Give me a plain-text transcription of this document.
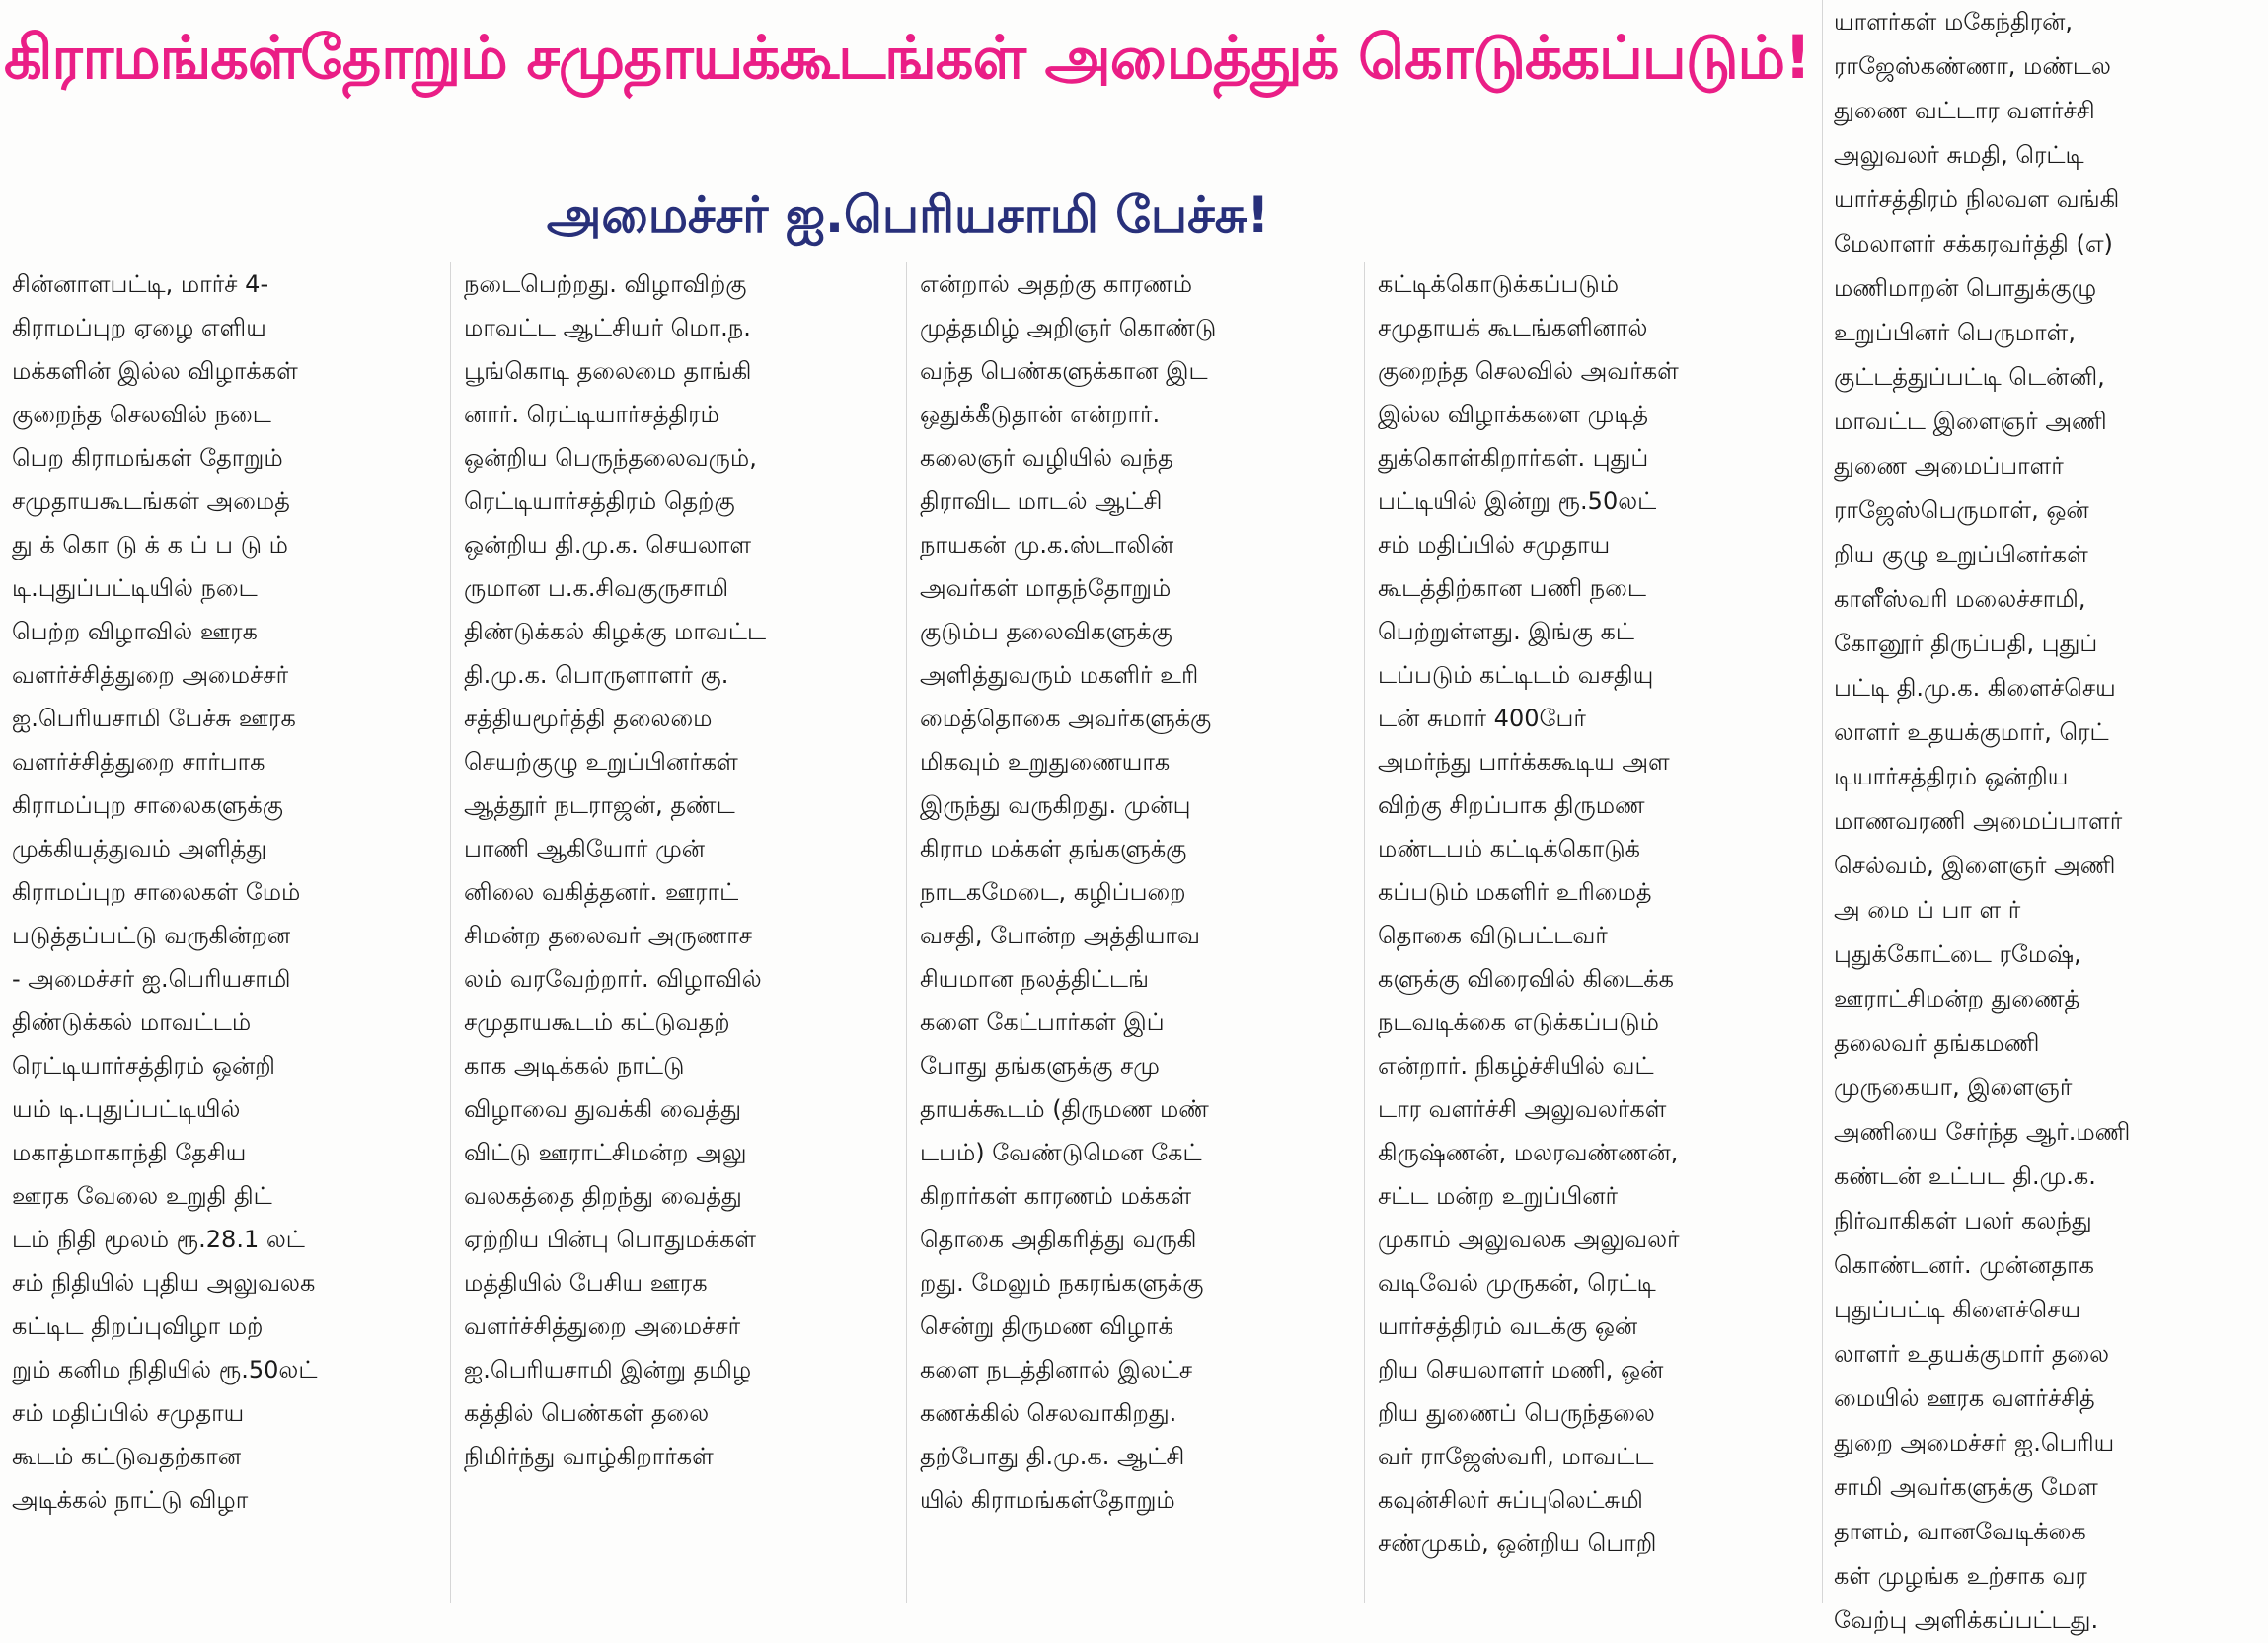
கிராமங்கள்தோறும் சமுதாயக்கூடங்கள் அமைத்துக் கொடுக்கப்படும்!
அமைச்சர் ஐ.பெரியசாமி பேச்சு!
சின்னாளபட்டி, மார்ச் 4-
கிராமப்புற ஏழை எளிய
மக்களின் இல்ல விழாக்கள்
குறைந்த செலவில் நடை
பெற கிராமங்கள் தோறும்
சமுதாயகூடங்கள் அமைத்
து க் கொ டு க் க ப் ப டு ம்
டி.புதுப்பட்டியில் நடை
பெற்ற விழாவில் ஊரக
வளர்ச்சித்துறை அமைச்சர்
ஐ.பெரியசாமி பேச்சு ஊரக
வளர்ச்சித்துறை சார்பாக
கிராமப்புற சாலைகளுக்கு
முக்கியத்துவம் அளித்து
கிராமப்புற சாலைகள் மேம்
படுத்தப்பட்டு வருகின்றன
- அமைச்சர் ஐ.பெரியசாமி
திண்டுக்கல் மாவட்டம்
ரெட்டியார்சத்திரம் ஒன்றி
யம் டி.புதுப்பட்டியில்
மகாத்மாகாந்தி தேசிய
ஊரக வேலை உறுதி திட்
டம் நிதி மூலம் ரூ.28.1 லட்
சம் நிதியில் புதிய அலுவலக
கட்டிட திறப்புவிழா மற்
றும் கனிம நிதியில் ரூ.50லட்
சம் மதிப்பில் சமுதாய
கூடம் கட்டுவதற்கான
அடிக்கல் நாட்டு விழா
நடைபெற்றது. விழாவிற்கு
மாவட்ட ஆட்சியர் மொ.ந.
பூங்கொடி தலைமை தாங்கி
னார். ரெட்டியார்சத்திரம்
ஒன்றிய பெருந்தலைவரும்,
ரெட்டியார்சத்திரம் தெற்கு
ஒன்றிய தி.மு.க. செயலாள
ருமான ப.க.சிவகுருசாமி
திண்டுக்கல் கிழக்கு மாவட்ட
தி.மு.க. பொருளாளர் கு.
சத்தியமூர்த்தி தலைமை
செயற்குழு உறுப்பினர்கள்
ஆத்தூர் நடராஜன், தண்ட
பாணி ஆகியோர் முன்
னிலை வகித்தனர். ஊராட்
சிமன்ற தலைவர் அருணாச
லம் வரவேற்றார். விழாவில்
சமுதாயகூடம் கட்டுவதற்
காக அடிக்கல் நாட்டு
விழாவை துவக்கி வைத்து
விட்டு ஊராட்சிமன்ற அலு
வலகத்தை திறந்து வைத்து
ஏற்றிய பின்பு பொதுமக்கள்
மத்தியில் பேசிய ஊரக
வளர்ச்சித்துறை அமைச்சர்
ஐ.பெரியசாமி இன்று தமிழ
கத்தில் பெண்கள் தலை
நிமிர்ந்து வாழ்கிறார்கள்
என்றால் அதற்கு காரணம்
முத்தமிழ் அறிஞர் கொண்டு
வந்த பெண்களுக்கான இட
ஒதுக்கீடுதான் என்றார்.
கலைஞர் வழியில் வந்த
திராவிட மாடல் ஆட்சி
நாயகன் மு.க.ஸ்டாலின்
அவர்கள் மாதந்தோறும்
குடும்ப தலைவிகளுக்கு
அளித்துவரும் மகளிர் உரி
மைத்தொகை அவர்களுக்கு
மிகவும் உறுதுணையாக
இருந்து வருகிறது. முன்பு
கிராம மக்கள் தங்களுக்கு
நாடகமேடை, கழிப்பறை
வசதி, போன்ற அத்தியாவ
சியமான நலத்திட்டங்
களை கேட்பார்கள் இப்
போது தங்களுக்கு சமு
தாயக்கூடம் (திருமண மண்
டபம்) வேண்டுமென கேட்
கிறார்கள் காரணம் மக்கள்
தொகை அதிகரித்து வருகி
றது. மேலும் நகரங்களுக்கு
சென்று திருமண விழாக்
களை நடத்தினால் இலட்ச
கணக்கில் செலவாகிறது.
தற்போது தி.மு.க. ஆட்சி
யில் கிராமங்கள்தோறும்
கட்டிக்கொடுக்கப்படும்
சமுதாயக் கூடங்களினால்
குறைந்த செலவில் அவர்கள்
இல்ல விழாக்களை முடித்
துக்கொள்கிறார்கள். புதுப்
பட்டியில் இன்று ரூ.50லட்
சம் மதிப்பில் சமுதாய
கூடத்திற்கான பணி நடை
பெற்றுள்ளது. இங்கு கட்
டப்படும் கட்டிடம் வசதியு
டன் சுமார் 400பேர்
அமர்ந்து பார்க்ககூடிய அள
விற்கு சிறப்பாக திருமண
மண்டபம் கட்டிக்கொடுக்
கப்படும் மகளிர் உரிமைத்
தொகை விடுபட்டவர்
களுக்கு விரைவில் கிடைக்க
நடவடிக்கை எடுக்கப்படும்
என்றார். நிகழ்ச்சியில் வட்
டார வளர்ச்சி அலுவலர்கள்
கிருஷ்ணன், மலரவண்ணன்,
சட்ட மன்ற உறுப்பினர்
முகாம் அலுவலக அலுவலர்
வடிவேல் முருகன், ரெட்டி
யார்சத்திரம் வடக்கு ஒன்
றிய செயலாளர் மணி, ஒன்
றிய துணைப் பெருந்தலை
வர் ராஜேஸ்வரி, மாவட்ட
கவுன்சிலர் சுப்புலெட்சுமி
சண்முகம், ஒன்றிய பொறி
யாளர்கள் மகேந்திரன்,
ராஜேஸ்கண்ணா, மண்டல
துணை வட்டார வளர்ச்சி
அலுவலர் சுமதி, ரெட்டி
யார்சத்திரம் நிலவள வங்கி
மேலாளர் சக்கரவர்த்தி (எ)
மணிமாறன் பொதுக்குழு
உறுப்பினர் பெருமாள்,
குட்டத்துப்பட்டி டென்னி,
மாவட்ட இளைஞர் அணி
துணை அமைப்பாளர்
ராஜேஸ்பெருமாள், ஒன்
றிய குழு உறுப்பினர்கள்
காளீஸ்வரி மலைச்சாமி,
கோனூர் திருப்பதி, புதுப்
பட்டி தி.மு.க. கிளைச்செய
லாளர் உதயக்குமார், ரெட்
டியார்சத்திரம் ஒன்றிய
மாணவரணி அமைப்பாளர்
செல்வம், இளைஞர் அணி
அ மை ப் பா ள ர்
புதுக்கோட்டை ரமேஷ்,
ஊராட்சிமன்ற துணைத்
தலைவர் தங்கமணி
முருகையா, இளைஞர்
அணியை சேர்ந்த ஆர்.மணி
கண்டன் உட்பட தி.மு.க.
நிர்வாகிகள் பலர் கலந்து
கொண்டனர். முன்னதாக
புதுப்பட்டி கிளைச்செய
லாளர் உதயக்குமார் தலை
மையில் ஊரக வளர்ச்சித்
துறை அமைச்சர் ஐ.பெரிய
சாமி அவர்களுக்கு மேள
தாளம், வானவேடிக்கை
கள் முழங்க உற்சாக வர
வேற்பு அளிக்கப்பட்டது.
